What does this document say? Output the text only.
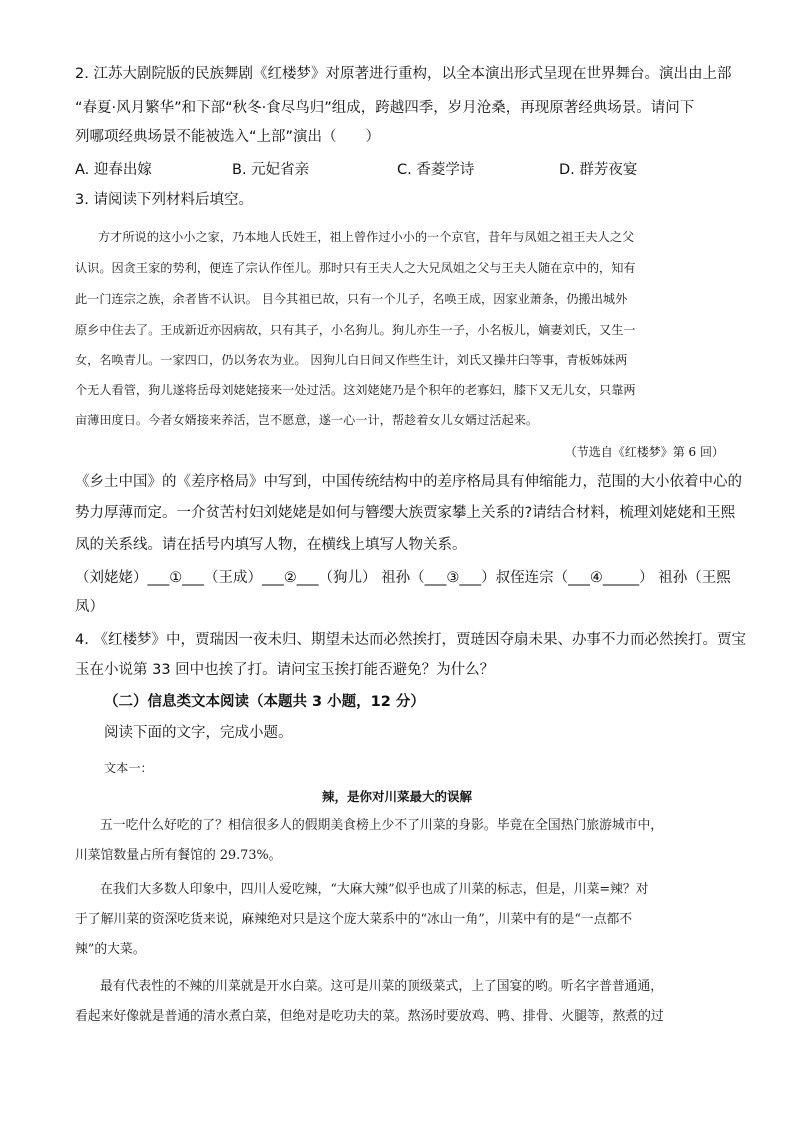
2. 江苏大剧院版的民族舞剧《红楼梦》对原著进行重构，以全本演出形式呈现在世界舞台。演出由上部
“春夏·风月繁华”和下部“秋冬·食尽鸟归”组成，跨越四季，岁月沧桑，再现原著经典场景。请问下
列哪项经典场景不能被选入“上部”演出（　　）
A. 迎春出嫁	B. 元妃省亲	C. 香菱学诗	D. 群芳夜宴
3. 请阅读下列材料后填空。
方才所说的这小小之家，乃本地人氏姓王，祖上曾作过小小的一个京官，昔年与凤姐之祖王夫人之父
认识。因贪王家的势利，便连了宗认作侄儿。那时只有王夫人之大兄凤姐之父与王夫人随在京中的，知有
此一门连宗之族，余者皆不认识。 目今其祖已故，只有一个儿子，名唤王成，因家业萧条，仍搬出城外
原乡中住去了。王成新近亦因病故，只有其子，小名狗儿。狗儿亦生一子，小名板儿，嫡妻刘氏，又生一
女，名唤青儿。一家四口，仍以务农为业。 因狗儿白日间又作些生计，刘氏又操井臼等事，青板姊妹两
个无人看管，狗儿遂将岳母刘姥姥接来一处过活。这刘姥姥乃是个积年的老寡妇，膝下又无儿女，只靠两
亩薄田度日。今者女婿接来养活，岂不愿意，遂一心一计，帮趁着女儿女婿过活起来。
（节选自《红楼梦》第 6 回）
《乡土中国》的《差序格局》中写到，中国传统结构中的差序格局具有伸缩能力，范围的大小依着中心的
势力厚薄而定。一介贫苦村妇刘姥姥是如何与簪缨大族贾家攀上关系的?请结合材料，梳理刘姥姥和王熙
凤的关系线。请在括号内填写人物，在横线上填写人物关系。
（刘姥姥）___①___（王成）___②___（狗儿） 祖孙（___③___）叔侄连宗（___④_____） 祖孙（王熙
凤）
4. 《红楼梦》中，贾瑞因一夜未归、期望未达而必然挨打，贾琏因夺扇未果、办事不力而必然挨打。贾宝
玉在小说第 33 回中也挨了打。请问宝玉挨打能否避免？为什么？
（二）信息类文本阅读（本题共 3 小题，12 分）
阅读下面的文字，完成小题。
文本一：
辣，是你对川菜最大的误解
五一吃什么好吃的了？相信很多人的假期美食榜上少不了川菜的身影。毕竟在全国热门旅游城市中，
川菜馆数量占所有餐馆的 29.73%。
在我们大多数人印象中，四川人爱吃辣，“大麻大辣”似乎也成了川菜的标志，但是，川菜=辣？对
于了解川菜的资深吃货来说，麻辣绝对只是这个庞大菜系中的“冰山一角”，川菜中有的是“一点都不
辣”的大菜。
最有代表性的不辣的川菜就是开水白菜。这可是川菜的顶级菜式，上了国宴的哟。听名字普普通通，
看起来好像就是普通的清水煮白菜，但绝对是吃功夫的菜。熬汤时要放鸡、鸭、排骨、火腿等，熬煮的过
